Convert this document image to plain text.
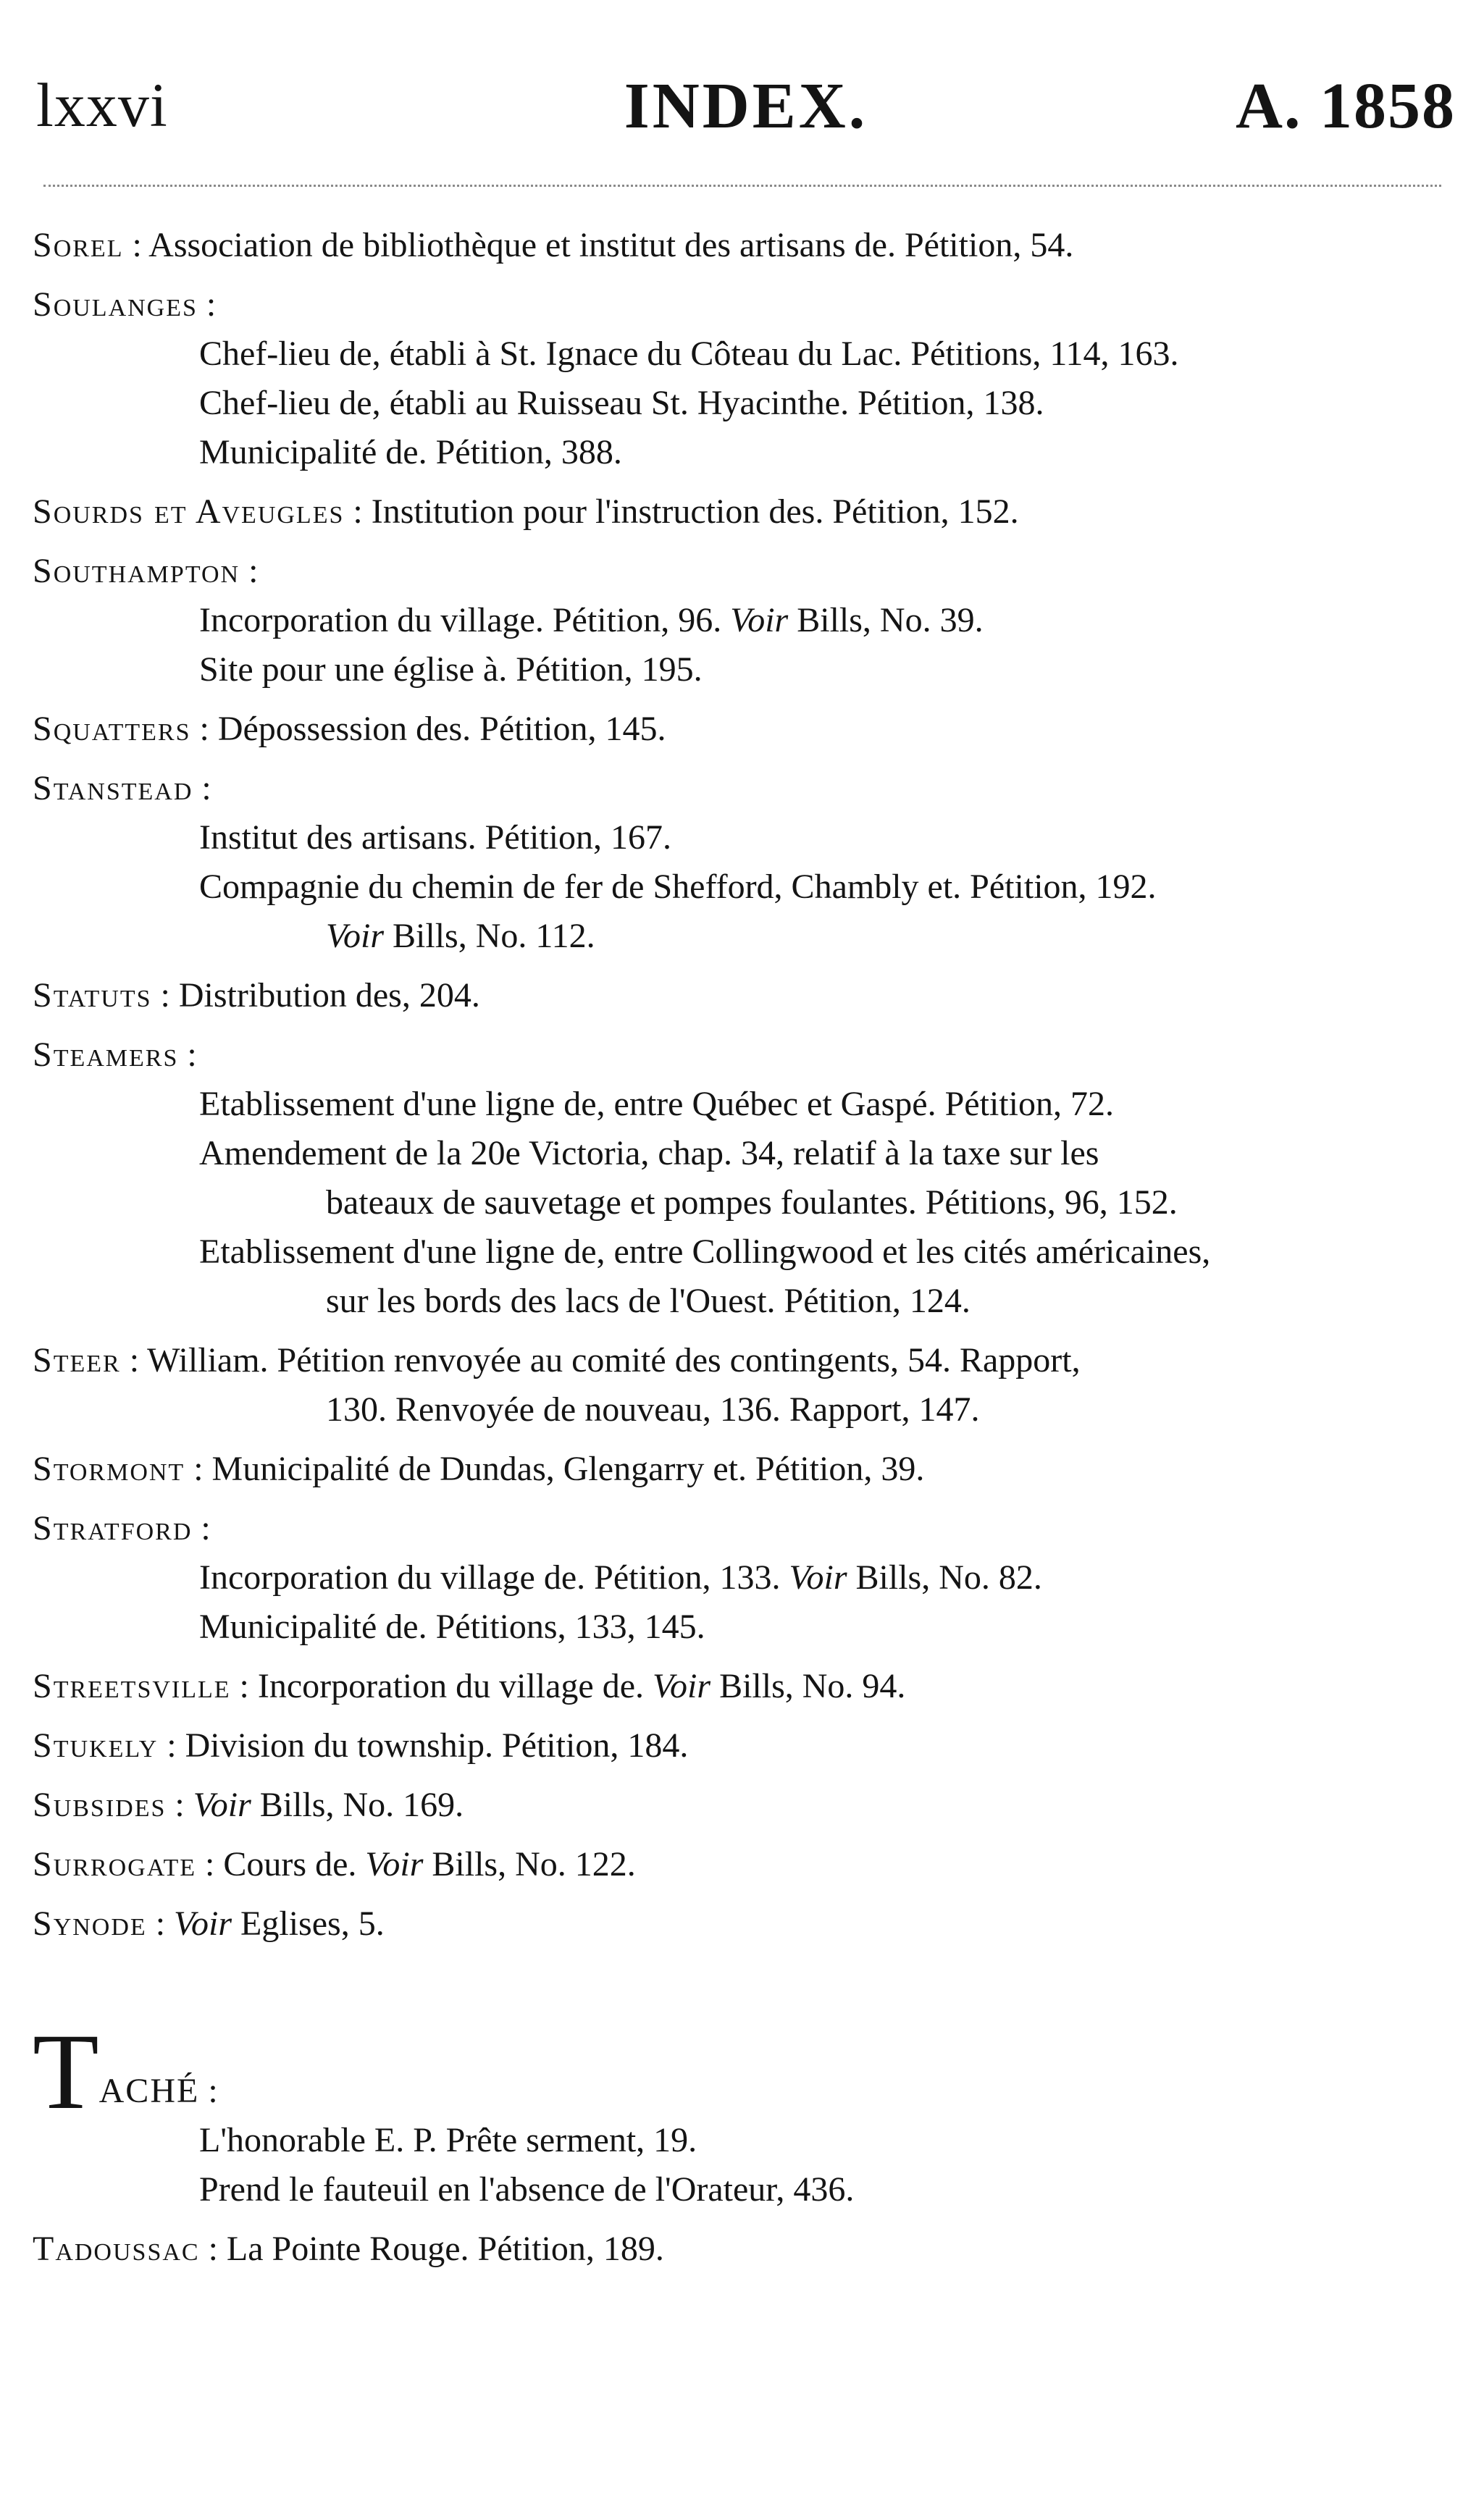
lxxvi	INDEX.	A. 1858
Sorel : Association de bibliothèque et institut des artisans de. Pétition, 54.
Soulanges :
Chef-lieu de, établi à St. Ignace du Côteau du Lac. Pétitions, 114, 163.
Chef-lieu de, établi au Ruisseau St. Hyacinthe. Pétition, 138.
Municipalité de. Pétition, 388.
Sourds et Aveugles : Institution pour l'instruction des. Pétition, 152.
Southampton :
Incorporation du village. Pétition, 96. Voir Bills, No. 39.
Site pour une église à. Pétition, 195.
Squatters : Dépossession des. Pétition, 145.
Stanstead :
Institut des artisans. Pétition, 167.
Compagnie du chemin de fer de Shefford, Chambly et. Pétition, 192.
Voir Bills, No. 112.
Statuts : Distribution des, 204.
Steamers :
Etablissement d'une ligne de, entre Québec et Gaspé. Pétition, 72.
Amendement de la 20e Victoria, chap. 34, relatif à la taxe sur les
bateaux de sauvetage et pompes foulantes. Pétitions, 96, 152.
Etablissement d'une ligne de, entre Collingwood et les cités américaines,
sur les bords des lacs de l'Ouest. Pétition, 124.
Steer : William. Pétition renvoyée au comité des contingents, 54. Rapport,
130. Renvoyée de nouveau, 136. Rapport, 147.
Stormont : Municipalité de Dundas, Glengarry et. Pétition, 39.
Stratford :
Incorporation du village de. Pétition, 133. Voir Bills, No. 82.
Municipalité de. Pétitions, 133, 145.
Streetsville : Incorporation du village de. Voir Bills, No. 94.
Stukely : Division du township. Pétition, 184.
Subsides : Voir Bills, No. 169.
Surrogate : Cours de. Voir Bills, No. 122.
Synode : Voir Eglises, 5.
TACHÉ :
L'honorable E. P. Prête serment, 19.
Prend le fauteuil en l'absence de l'Orateur, 436.
Tadoussac : La Pointe Rouge. Pétition, 189.
